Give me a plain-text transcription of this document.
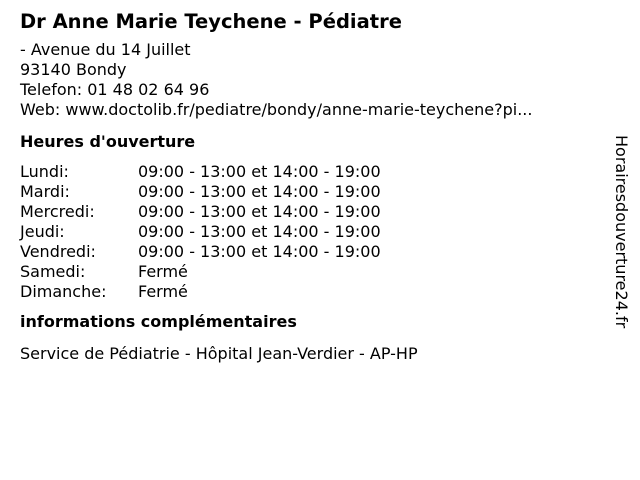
Dr Anne Marie Teychene - Pédiatre
- Avenue du 14 Juillet
93140 Bondy
Telefon: 01 48 02 64 96
Web: www.doctolib.fr/pediatre/bondy/anne-marie-teychene?pi...
Heures d'ouverture
Lundi:	09:00 - 13:00 et 14:00 - 19:00
Mardi:	09:00 - 13:00 et 14:00 - 19:00
Mercredi:	09:00 - 13:00 et 14:00 - 19:00
Jeudi:	09:00 - 13:00 et 14:00 - 19:00
Vendredi:	09:00 - 13:00 et 14:00 - 19:00
Samedi:	Fermé
Dimanche:	Fermé
informations complémentaires
Service de Pédiatrie - Hôpital Jean-Verdier - AP-HP
Horairesdouverture24.fr
